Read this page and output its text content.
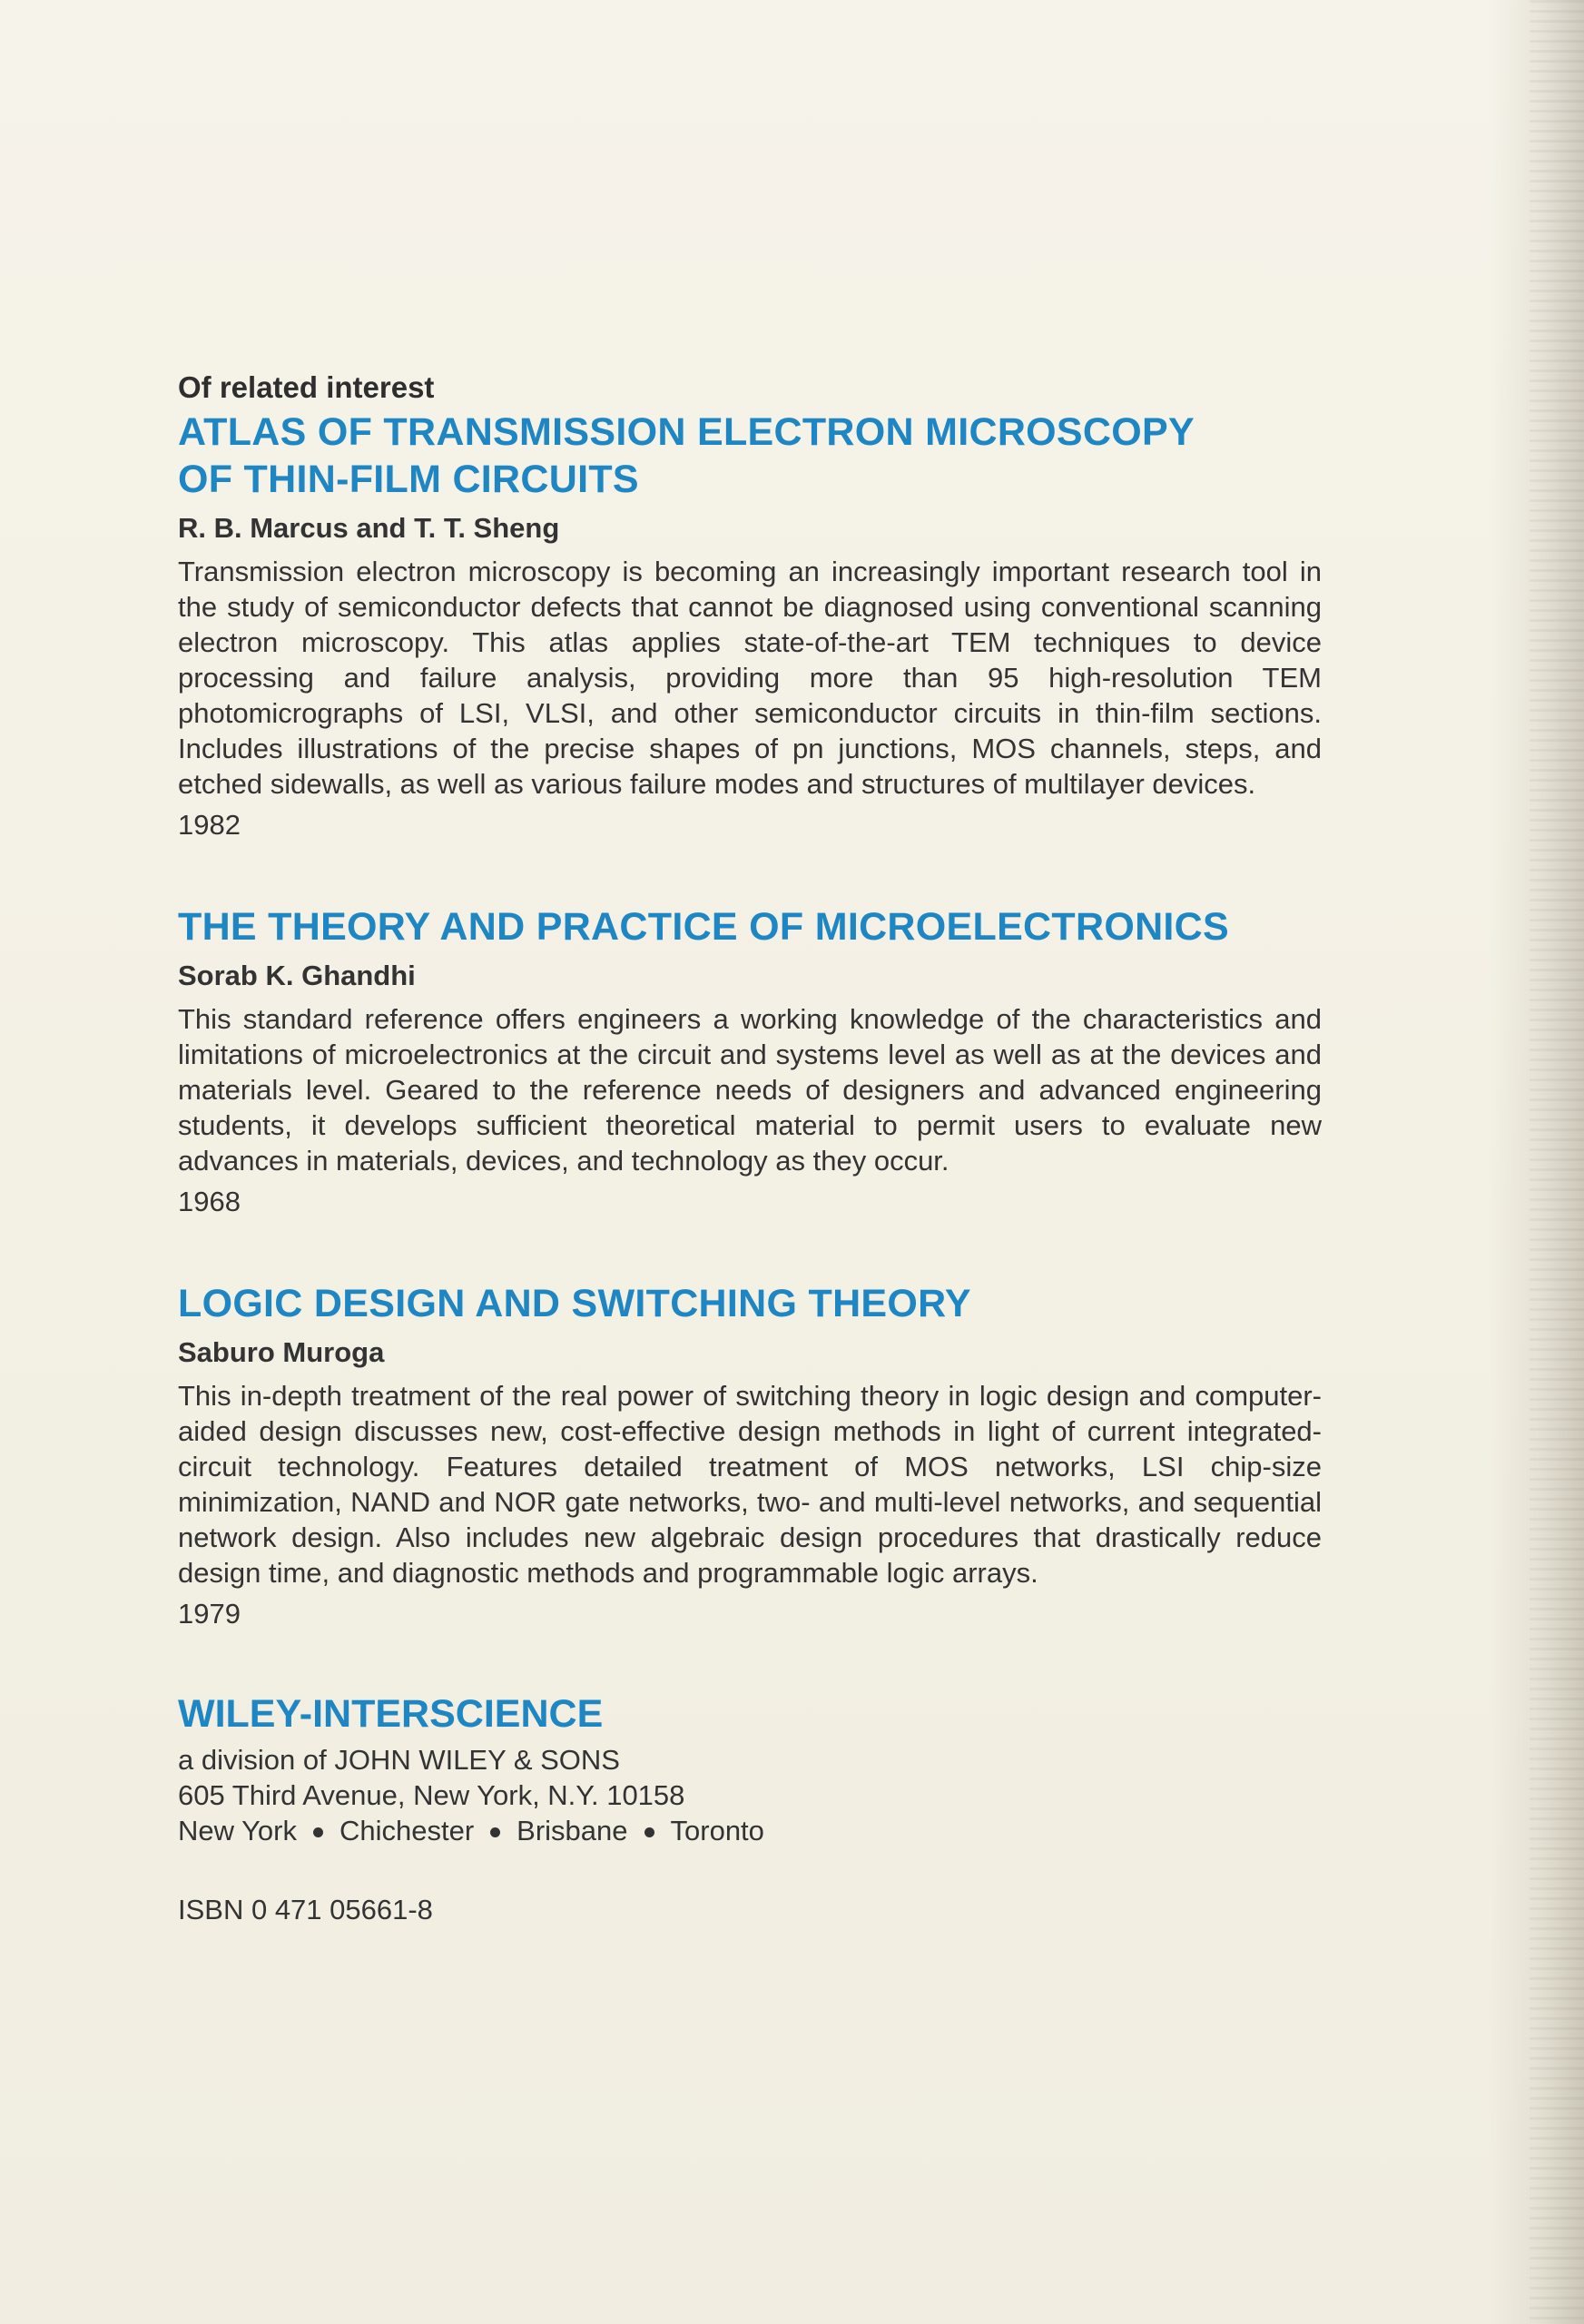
Of related interest
ATLAS OF TRANSMISSION ELECTRON MICROSCOPY
OF THIN-FILM CIRCUITS
R. B. Marcus and T. T. Sheng

Transmission electron microscopy is becoming an increasingly important research tool in the study of semiconductor defects that cannot be diagnosed using conventional scanning electron microscopy. This atlas applies state-of-the-art TEM techniques to device processing and failure analysis, providing more than 95 high-resolution TEM photomicrographs of LSI, VLSI, and other semiconductor circuits in thin-film sections. Includes illustrations of the precise shapes of pn junctions, MOS channels, steps, and etched sidewalls, as well as various failure modes and structures of multilayer devices.

1982
THE THEORY AND PRACTICE OF MICROELECTRONICS
Sorab K. Ghandhi

This standard reference offers engineers a working knowledge of the characteristics and limitations of microelectronics at the circuit and systems level as well as at the devices and materials level. Geared to the reference needs of designers and advanced engineering students, it develops sufficient theoretical material to permit users to evaluate new advances in materials, devices, and technology as they occur.

1968
LOGIC DESIGN AND SWITCHING THEORY
Saburo Muroga

This in-depth treatment of the real power of switching theory in logic design and computer-aided design discusses new, cost-effective design methods in light of current integrated-circuit technology. Features detailed treatment of MOS networks, LSI chip-size minimization, NAND and NOR gate networks, two- and multi-level networks, and sequential network design. Also includes new algebraic design procedures that drastically reduce design time, and diagnostic methods and programmable logic arrays.

1979
WILEY-INTERSCIENCE
a division of JOHN WILEY & SONS
605 Third Avenue, New York, N.Y. 10158
New York Chichester Brisbane Toronto
ISBN 0 471 05661-8
